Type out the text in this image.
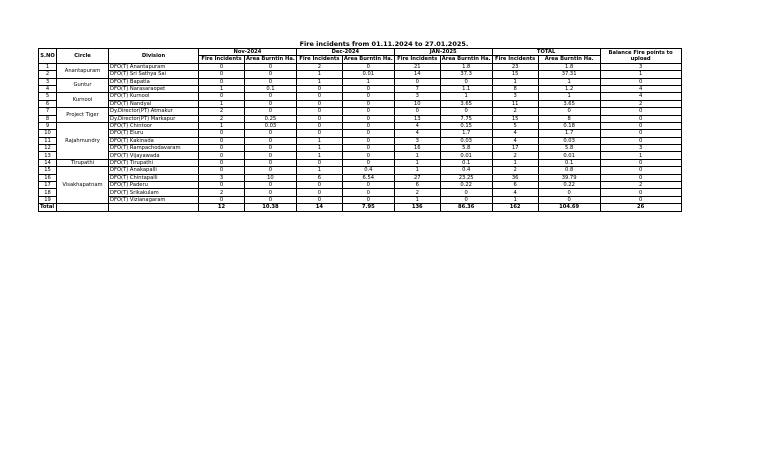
Fire incidents from 01.11.2024 to 27.01.2025.
S.NO	Circle	Division	Nov-2024		Dec-2024		JAN-2025		TOTAL		Balance Fire points to upload
			Fire Incidents	Area Burntin Ha.	Fire Incidents	Area Burntin Ha.	Fire Incidents	Area Burntin Ha.	Fire Incidents	Area Burntin Ha.	
1	Anantapuram	DFO(T) Anantapuram	0	0	2	0	21	1.8	23	1.8	3
2		DFO(T) Sri Sathya Sai	0	0	1	0.01	14	37.3	15	37.31	1
3	Guntur	DFO(T) Bapatla	0	0	1	1	0	0	1	1	0
4		DFO(T) Narasaraopet	1	0.1	0	0	7	1.1	8	1.2	4
5	Kurnool	DFO(T) Kurnool	0	0	0	0	3	1	3	1	4
6		DFO(T) Nandyal	1	0	0	0	10	3.65	11	3.65	2
7	Project Tiger	Dy.Director(PT) Atmakur	2	0	0	0	0	0	2	0	0
8		Dy.Director(PT) Markapur	2	0.25	0	0	13	7.75	15	8	0
9	Rajahmundry	DFO(T) Chintoor	1	0.03	0	0	4	0.15	5	0.18	0
10		DFO(T) Eluru	0	0	0	0	4	1.7	4	1.7	0
11		DFO(T) Kakinada	0	0	1	0	3	0.03	4	0.03	0
12		DFO(T) Rampachodavaram	0	0	1	0	16	5.8	17	5.8	3
13		DFO(T) Vijayawada	0	0	1	0	1	0.01	2	0.01	1
14	Tirupathi	DFO(T) Tirupathi	0	0	0	0	1	0.1	1	0.1	0
15	Visakhapatnam	DFO(T) Anakapalli	0	0	1	0.4	1	0.4	2	0.8	0
16		DFO(T) Chintapalli	3	10	6	6.54	27	23.25	36	39.79	0
17		DFO(T) Paderu	0	0	0	0	6	0.22	6	0.22	2
18		DFO(T) Srikakulam	2	0	0	0	2	0	4	0	0
19		DFO(T) Vizianagaram	0	0	0	0	1	0	1	0	0
Total			12	10.38	14	7.95	136	86.36	162	104.69	26
